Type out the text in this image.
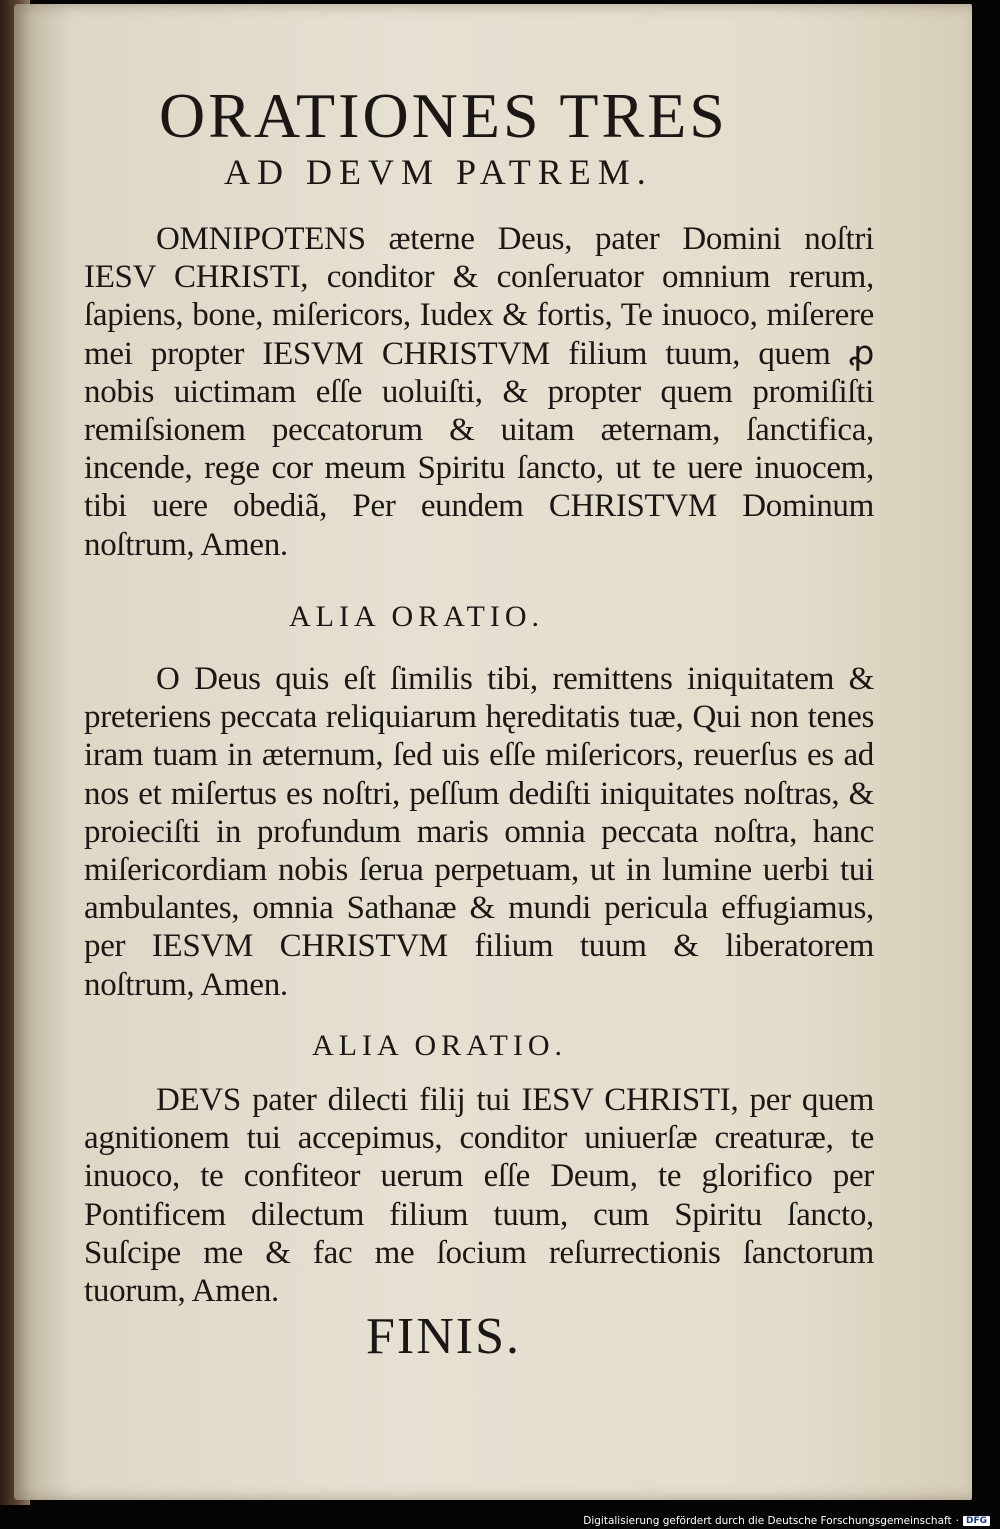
ORATIONES TRES
AD DEVM PATREM.

OMNIPOTENS æterne Deus, pater Domini noſtri IESV CHRISTI, conditor & conſeruator omnium rerum, ſapiens, bone, miſericors, Iudex & fortis, Te inuoco, miſerere mei propter IESVM CHRISTVM filium tuum, quem ꝓ nobis uictimam eſſe uoluiſti, & propter quem promiſiſti remiſsionem peccatorum & uitam æternam, ſanctifica, incende, rege cor meum Spiritu ſancto, ut te uere inuocem, tibi uere obediã, Per eundem CHRISTVM Dominum noſtrum, Amen.

ALIA ORATIO.

O Deus quis eſt ſimilis tibi, remittens iniquitatem & preteriens peccata reliquiarum hęreditatis tuæ, Qui non tenes iram tuam in æternum, ſed uis eſſe miſericors, reuerſus es ad nos et miſertus es noſtri, peſſum dediſti iniquitates noſtras, & proieciſti in profundum maris omnia peccata noſtra, hanc miſericordiam nobis ſerua perpetuam, ut in lumine uerbi tui ambulantes, omnia Sathanæ & mundi pericula effugiamus, per IESVM CHRISTVM filium tuum & liberatorem noſtrum, Amen.

ALIA ORATIO.

DEVS pater dilecti filij tui IESV CHRISTI, per quem agnitionem tui accepimus, conditor uniuerſæ creaturæ, te inuoco, te confiteor uerum eſſe Deum, te glorifico per Pontificem dilectum filium tuum, cum Spiritu ſancto, Suſcipe me & fac me ſocium reſurrectionis ſanctorum tuorum, Amen.

FINIS.
Digitalisierung gefördert durch die Deutsche Forschungsgemeinschaft · DFG
